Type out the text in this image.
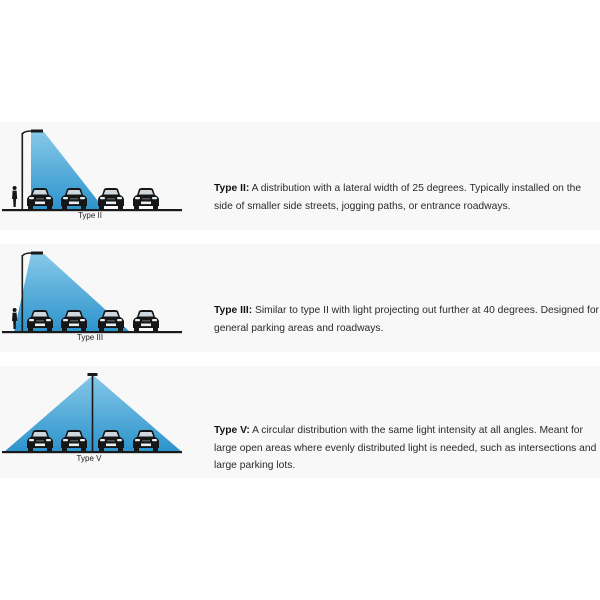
Type II
Type II: A distribution with a lateral width of 25 degrees. Typically installed on the side of smaller side streets, jogging paths, or entrance roadways.
Type III
Type III: Similar to type II with light projecting out further at 40 degrees. Designed for general parking areas and roadways.
Type V
Type V: A circular distribution with the same light intensity at all angles. Meant for large open areas where evenly distributed light is needed, such as intersections and large parking lots.
